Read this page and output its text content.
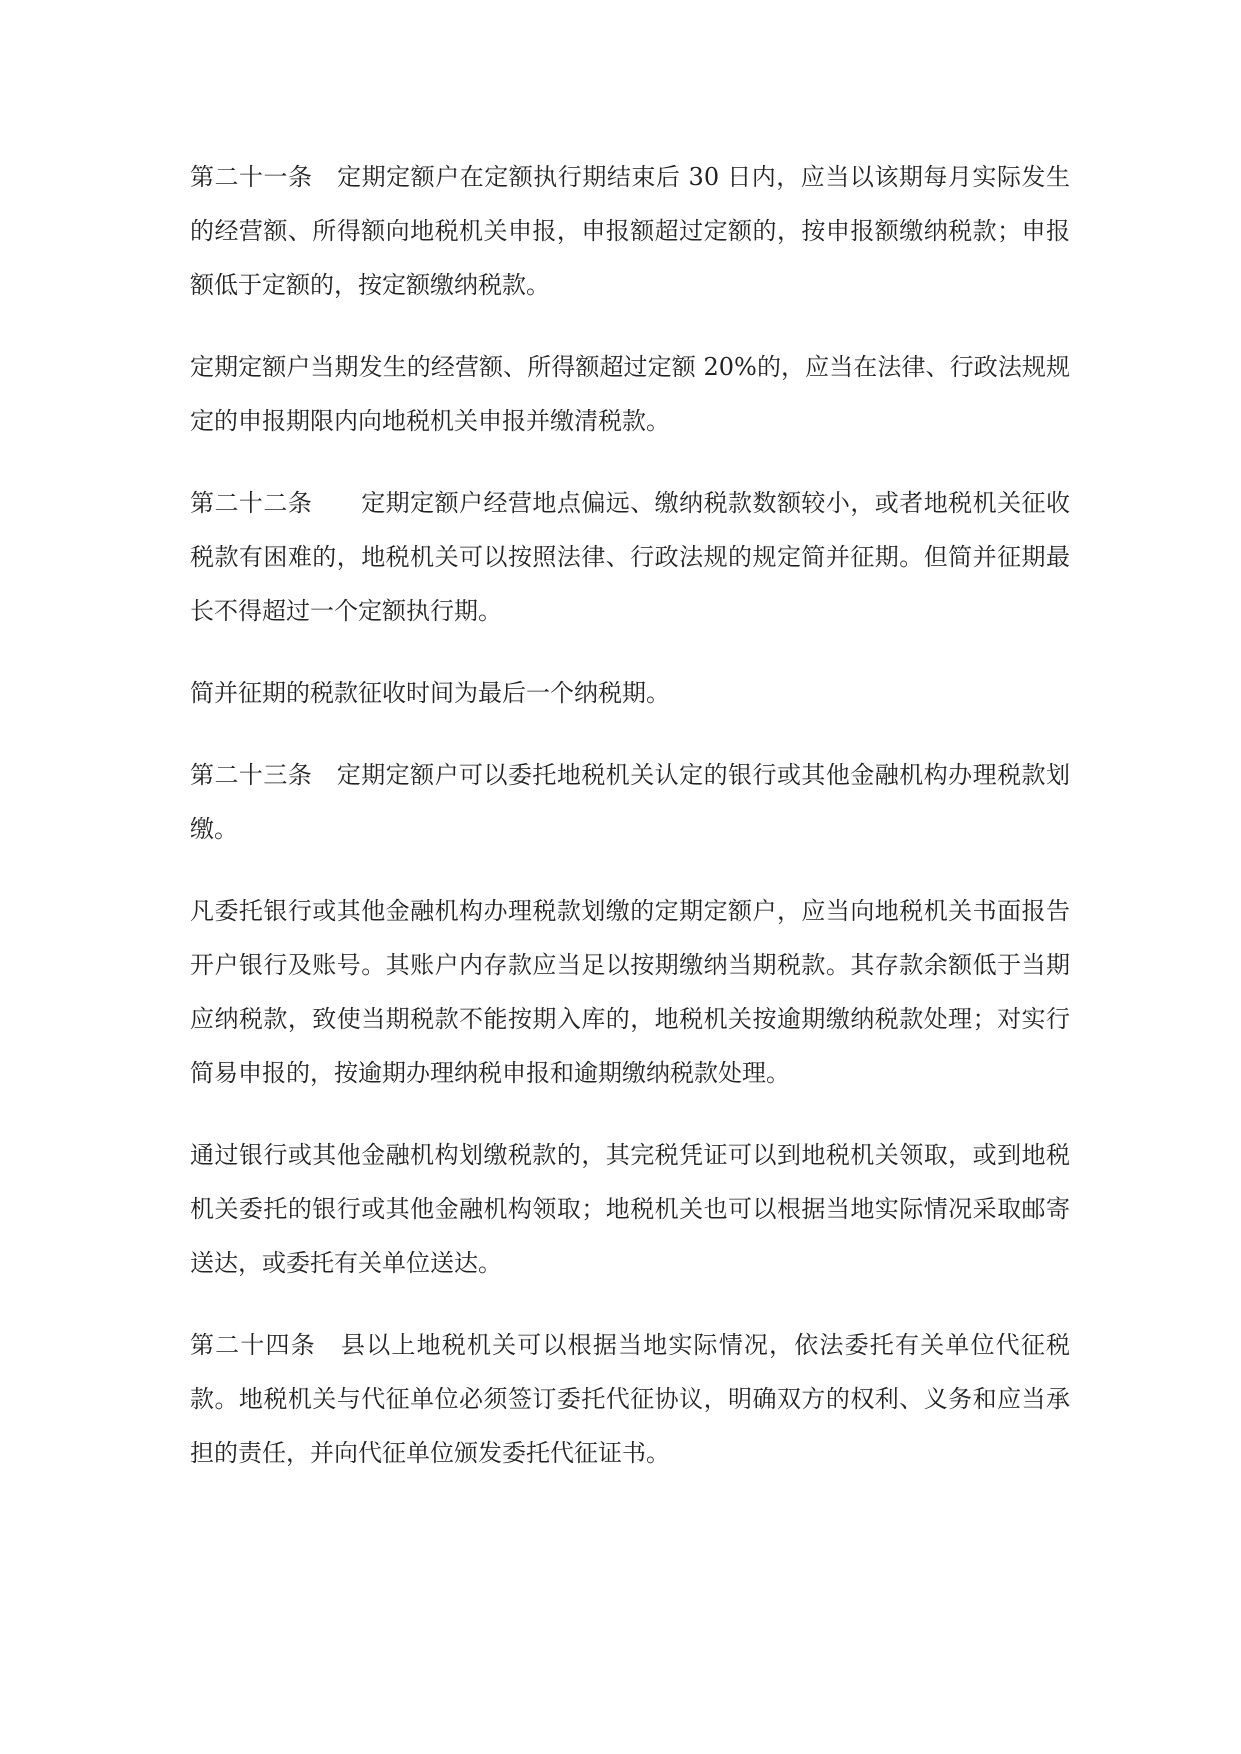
第二十一条　定期定额户在定额执行期结束后 30 日内，应当以该期每月实际发生的经营额、所得额向地税机关申报，申报额超过定额的，按申报额缴纳税款；申报额低于定额的，按定额缴纳税款。

定期定额户当期发生的经营额、所得额超过定额 20%的，应当在法律、行政法规规定的申报期限内向地税机关申报并缴清税款。

第二十二条　　定期定额户经营地点偏远、缴纳税款数额较小，或者地税机关征收税款有困难的，地税机关可以按照法律、行政法规的规定简并征期。但简并征期最长不得超过一个定额执行期。

简并征期的税款征收时间为最后一个纳税期。

第二十三条　定期定额户可以委托地税机关认定的银行或其他金融机构办理税款划缴。

凡委托银行或其他金融机构办理税款划缴的定期定额户，应当向地税机关书面报告开户银行及账号。其账户内存款应当足以按期缴纳当期税款。其存款余额低于当期应纳税款，致使当期税款不能按期入库的，地税机关按逾期缴纳税款处理；对实行简易申报的，按逾期办理纳税申报和逾期缴纳税款处理。

通过银行或其他金融机构划缴税款的，其完税凭证可以到地税机关领取，或到地税机关委托的银行或其他金融机构领取；地税机关也可以根据当地实际情况采取邮寄送达，或委托有关单位送达。

第二十四条　县以上地税机关可以根据当地实际情况，依法委托有关单位代征税款。地税机关与代征单位必须签订委托代征协议，明确双方的权利、义务和应当承担的责任，并向代征单位颁发委托代征证书。
